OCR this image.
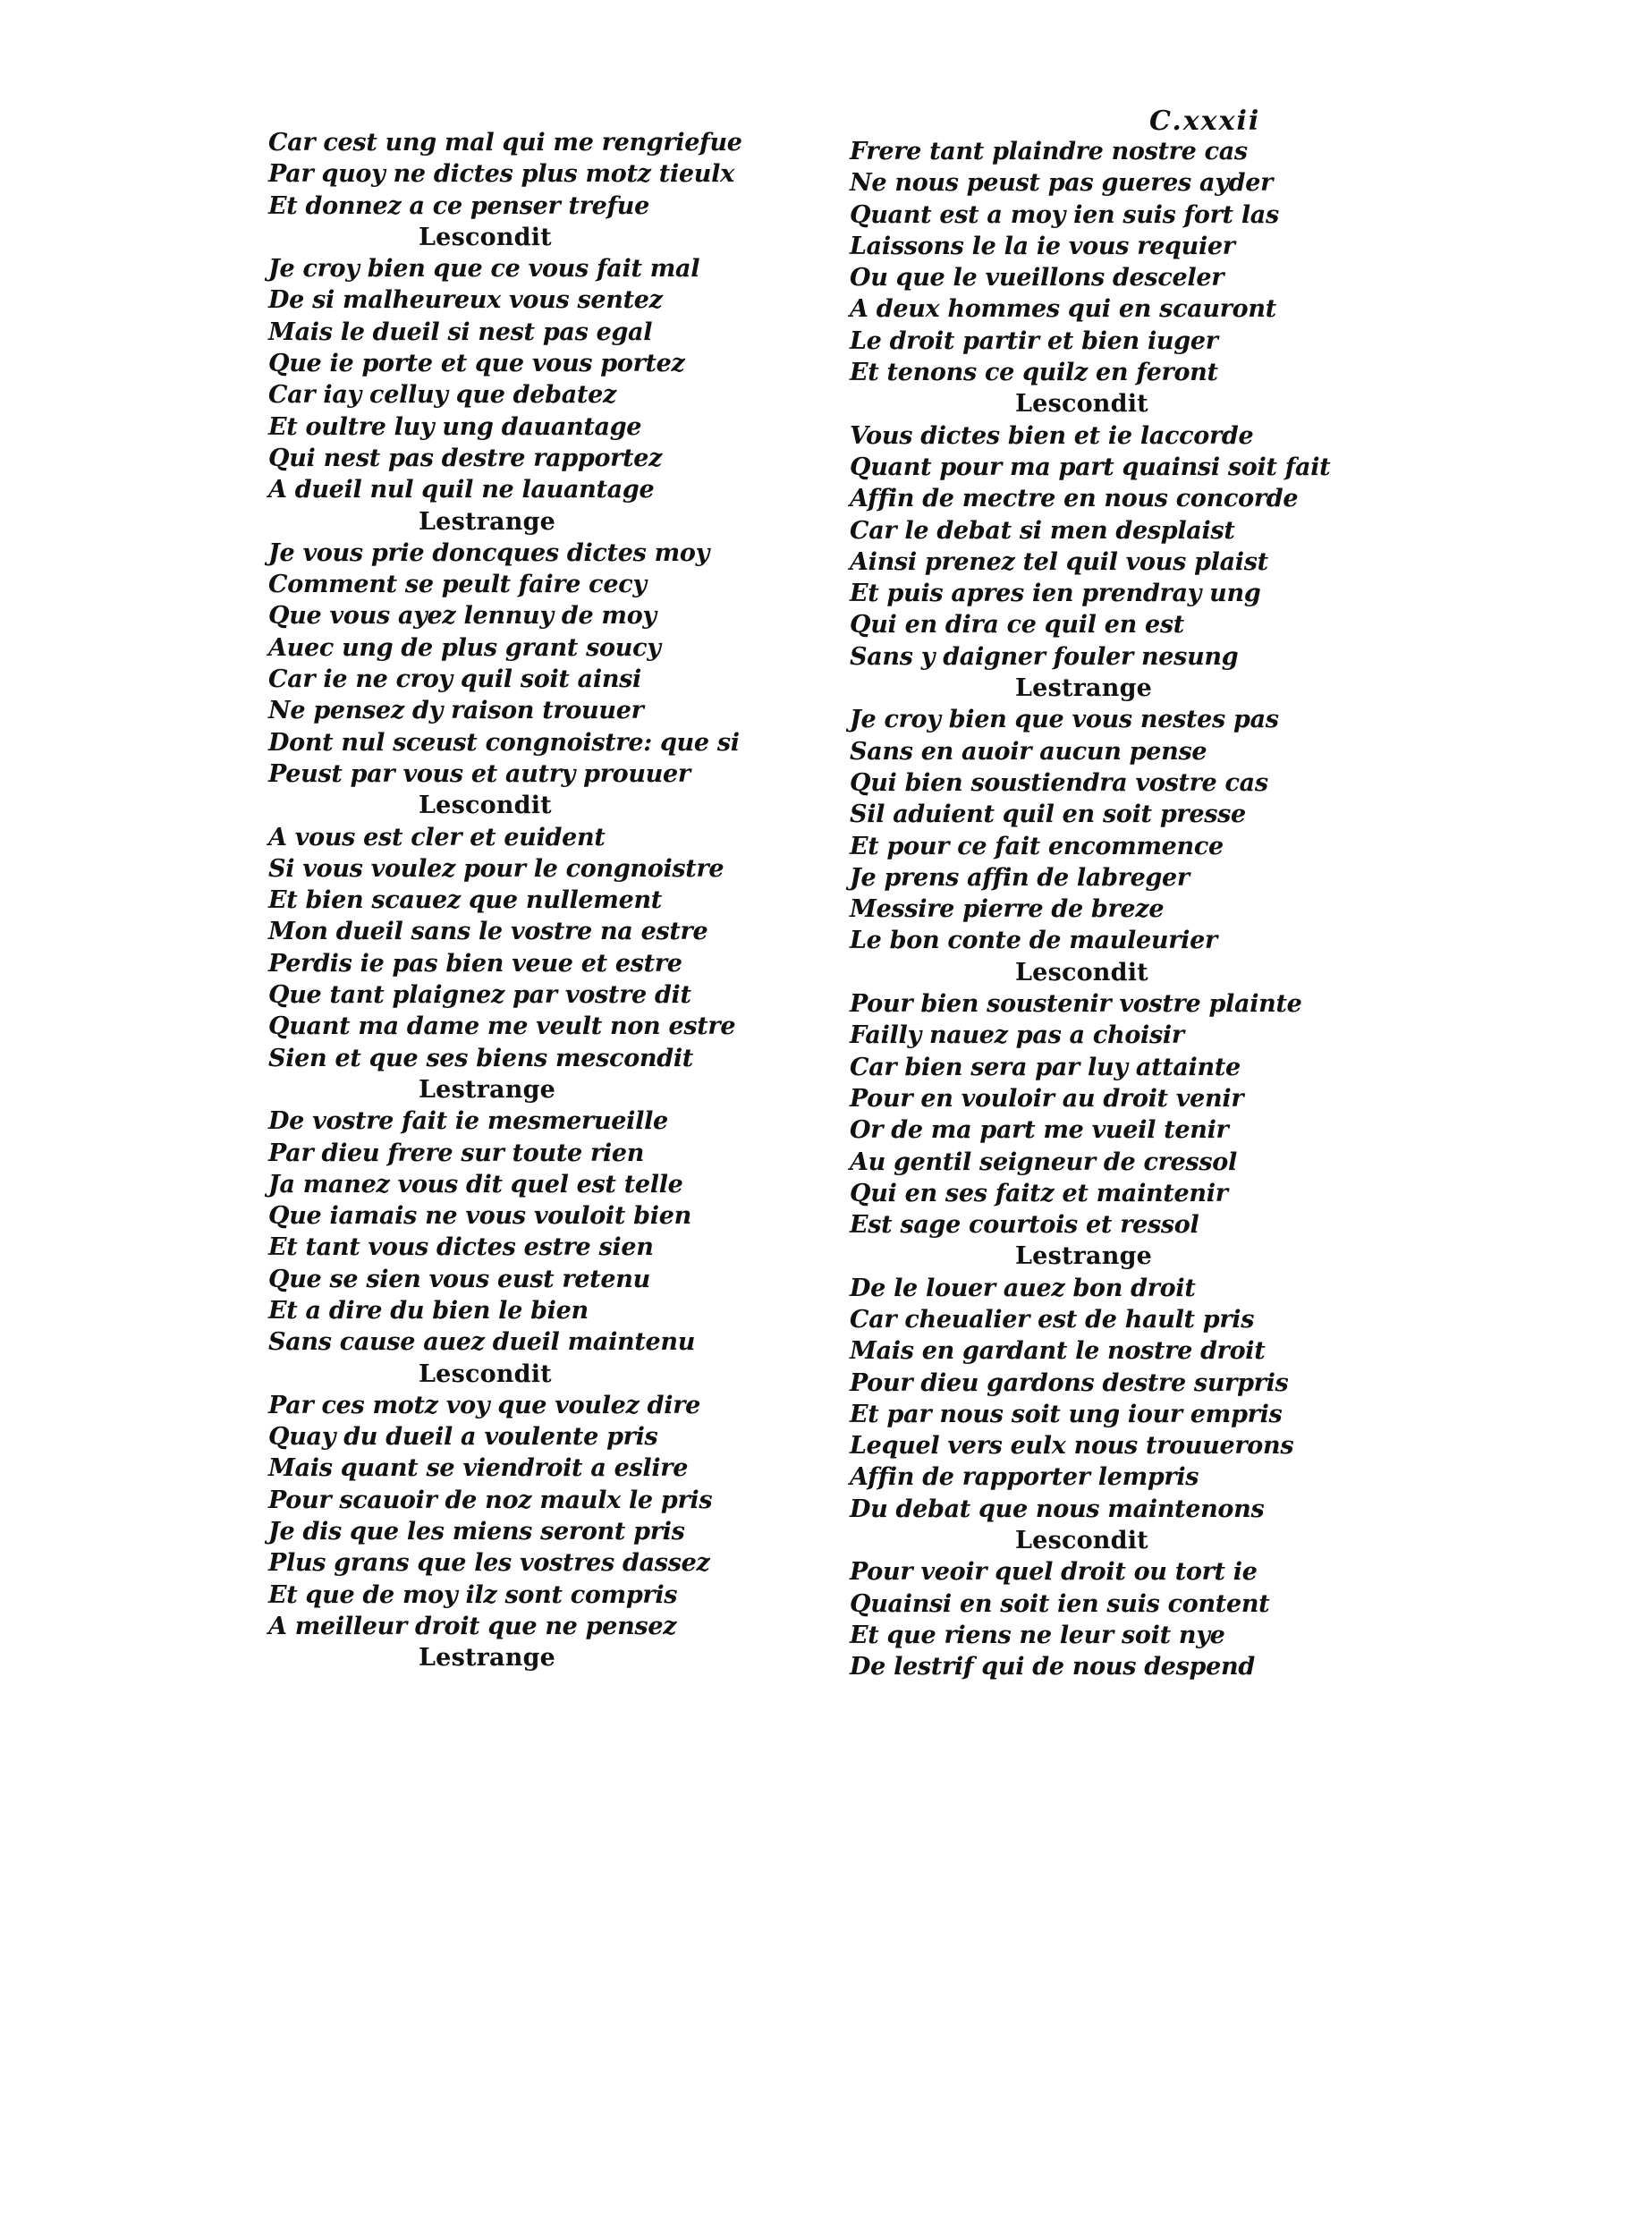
C.xxxii
Car cest ung mal qui me rengriefue
Par quoy ne dictes plus motz tieulx
Et donnez a ce penser trefue
Lescondit
Je croy bien que ce vous fait mal
De si malheureux vous sentez
Mais le dueil si nest pas egal
Que ie porte et que vous portez
Car iay celluy que debatez
Et oultre luy ung dauantage
Qui nest pas destre rapportez
A dueil nul quil ne lauantage
Lestrange
Je vous prie doncques dictes moy
Comment se peult faire cecy
Que vous ayez lennuy de moy
Auec ung de plus grant soucy
Car ie ne croy quil soit ainsi
Ne pensez dy raison trouuer
Dont nul sceust congnoistre: que si
Peust par vous et autry prouuer
Lescondit
A vous est cler et euident
Si vous voulez pour le congnoistre
Et bien scauez que nullement
Mon dueil sans le vostre na estre
Perdis ie pas bien veue et estre
Que tant plaignez par vostre dit
Quant ma dame me veult non estre
Sien et que ses biens mescondit
Lestrange
De vostre fait ie mesmerueille
Par dieu frere sur toute rien
Ja manez vous dit quel est telle
Que iamais ne vous vouloit bien
Et tant vous dictes estre sien
Que se sien vous eust retenu
Et a dire du bien le bien
Sans cause auez dueil maintenu
Lescondit
Par ces motz voy que voulez dire
Quay du dueil a voulente pris
Mais quant se viendroit a eslire
Pour scauoir de noz maulx le pris
Je dis que les miens seront pris
Plus grans que les vostres dassez
Et que de moy ilz sont compris
A meilleur droit que ne pensez
Lestrange
Frere tant plaindre nostre cas
Ne nous peust pas gueres ayder
Quant est a moy ien suis fort las
Laissons le la ie vous requier
Ou que le vueillons desceler
A deux hommes qui en scauront
Le droit partir et bien iuger
Et tenons ce quilz en feront
Lescondit
Vous dictes bien et ie laccorde
Quant pour ma part quainsi soit fait
Affin de mectre en nous concorde
Car le debat si men desplaist
Ainsi prenez tel quil vous plaist
Et puis apres ien prendray ung
Qui en dira ce quil en est
Sans y daigner fouler nesung
Lestrange
Je croy bien que vous nestes pas
Sans en auoir aucun pense
Qui bien soustiendra vostre cas
Sil aduient quil en soit presse
Et pour ce fait encommence
Je prens affin de labreger
Messire pierre de breze
Le bon conte de mauleurier
Lescondit
Pour bien soustenir vostre plainte
Failly nauez pas a choisir
Car bien sera par luy attainte
Pour en vouloir au droit venir
Or de ma part me vueil tenir
Au gentil seigneur de cressol
Qui en ses faitz et maintenir
Est sage courtois et ressol
Lestrange
De le louer auez bon droit
Car cheualier est de hault pris
Mais en gardant le nostre droit
Pour dieu gardons destre surpris
Et par nous soit ung iour empris
Lequel vers eulx nous trouuerons
Affin de rapporter lempris
Du debat que nous maintenons
Lescondit
Pour veoir quel droit ou tort ie
Quainsi en soit ien suis content
Et que riens ne leur soit nye
De lestrif qui de nous despend
